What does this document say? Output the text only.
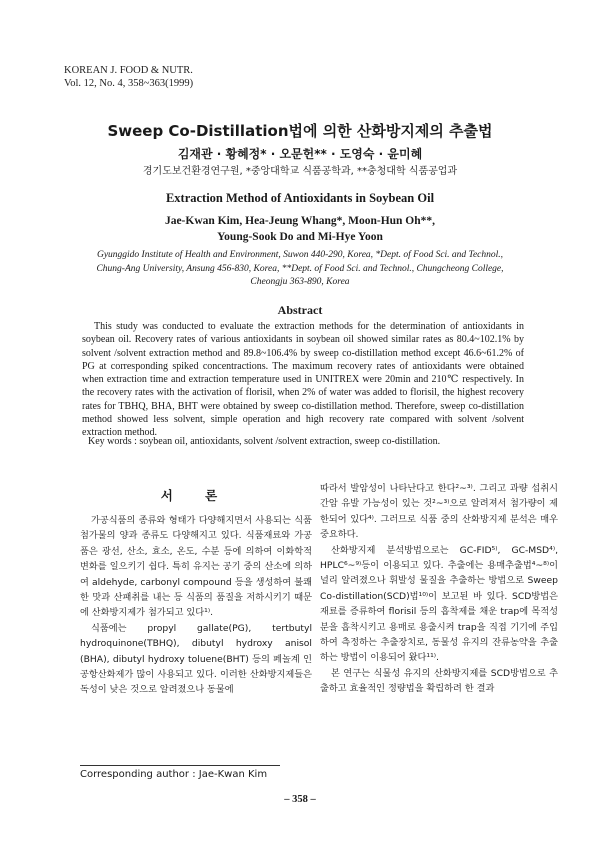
KOREAN J. FOOD & NUTR.
Vol. 12, No. 4, 358~363(1999)
Sweep Co-Distillation법에 의한 산화방지제의 추출법
김재관 · 황혜정* · 오문헌** · 도영숙 · 윤미혜
경기도보건환경연구원, *중앙대학교 식품공학과, **충청대학 식품공업과
Extraction Method of Antioxidants in Soybean Oil
Jae-Kwan Kim, Hea-Jeung Whang*, Moon-Hun Oh**,
Young-Sook Do and Mi-Hye Yoon
Gyunggido Institute of Health and Environment, Suwon 440-290, Korea, *Dept. of Food Sci. and Technol.,
Chung-Ang University, Ansung 456-830, Korea, **Dept. of Food Sci. and Technol., Chungcheong College,
Cheongju 363-890, Korea
Abstract

This study was conducted to evaluate the extraction methods for the determination of antioxidants in soybean oil. Recovery rates of various antioxidants in soybean oil showed similar rates as 80.4~102.1% by solvent /solvent extraction method and 89.8~106.4% by sweep co-distillation method except 46.6~61.2% of PG at corresponding spiked concentractions. The maximum recovery rates of antioxidants were obtained when extraction time and extraction temperature used in UNITREX were 20min and 210℃ respectively. In the recovery rates with the activation of florisil, when 2% of water was added to florisil, the highest recovery rates for TBHQ, BHA, BHT were obtained by sweep co-distillation method. Therefore, sweep co-distillation method showed less solvent, simple operation and high recovery rate compared with solvent /solvent extraction method.

Key words : soybean oil, antioxidants, solvent /solvent extraction, sweep co-distillation.
서 론

가공식품의 종류와 형태가 다양해지면서 사용되는 식품첨가물의 양과 종류도 다양해지고 있다. 식품재료와 가공품은 광선, 산소, 효소, 온도, 수분 등에 의하여 이화학적 변화를 일으키기 쉽다. 특히 유지는 공기 중의 산소에 의하여 aldehyde, carbonyl compound 등을 생성하여 불쾌한 맛과 산패취를 내는 등 식품의 품질을 저하시키기 때문에 산화방지제가 첨가되고 있다¹⁾.

식품에는 propyl gallate(PG), tertbutyl hydroquinone(TBHQ), dibutyl hydroxy anisol (BHA), dibutyl hydroxy toluene(BHT) 등의 페놀계 인공항산화제가 많이 사용되고 있다. 이러한 산화방지제들은 독성이 낮은 것으로 알려졌으나 동물에

따라서 발암성이 나타난다고 한다²~³⁾. 그리고 과량 섭취시 간암 유발 가능성이 있는 것²~³⁾으로 알려져서 첨가량이 제한되어 있다⁴⁾. 그러므로 식품 중의 산화방지제 분석은 매우 중요하다.

산화방지제 분석방법으로는 GC-FID⁵⁾, GC-MSD⁴⁾, HPLC⁶~⁹⁾등이 이용되고 있다. 추출에는 용매추출법⁴~⁸⁾이 널리 알려졌으나 휘발성 물질을 추출하는 방법으로 Sweep Co-distillation(SCD)법¹⁰⁾이 보고된 바 있다. SCD방법은 재료를 증류하여 florisil 등의 흡착제를 채운 trap에 목적성분을 흡착시키고 용매로 용출시켜 trap을 직접 기기에 주입하여 측정하는 추출장치로, 동물성 유지의 잔류농약을 추출하는 방법이 이용되어 왔다¹¹⁾.

본 연구는 식물성 유지의 산화방지제를 SCD방법으로 추출하고 효율적인 정량법을 확립하려 한 결과

Corresponding author : Jae-Kwan Kim
– 358 –
